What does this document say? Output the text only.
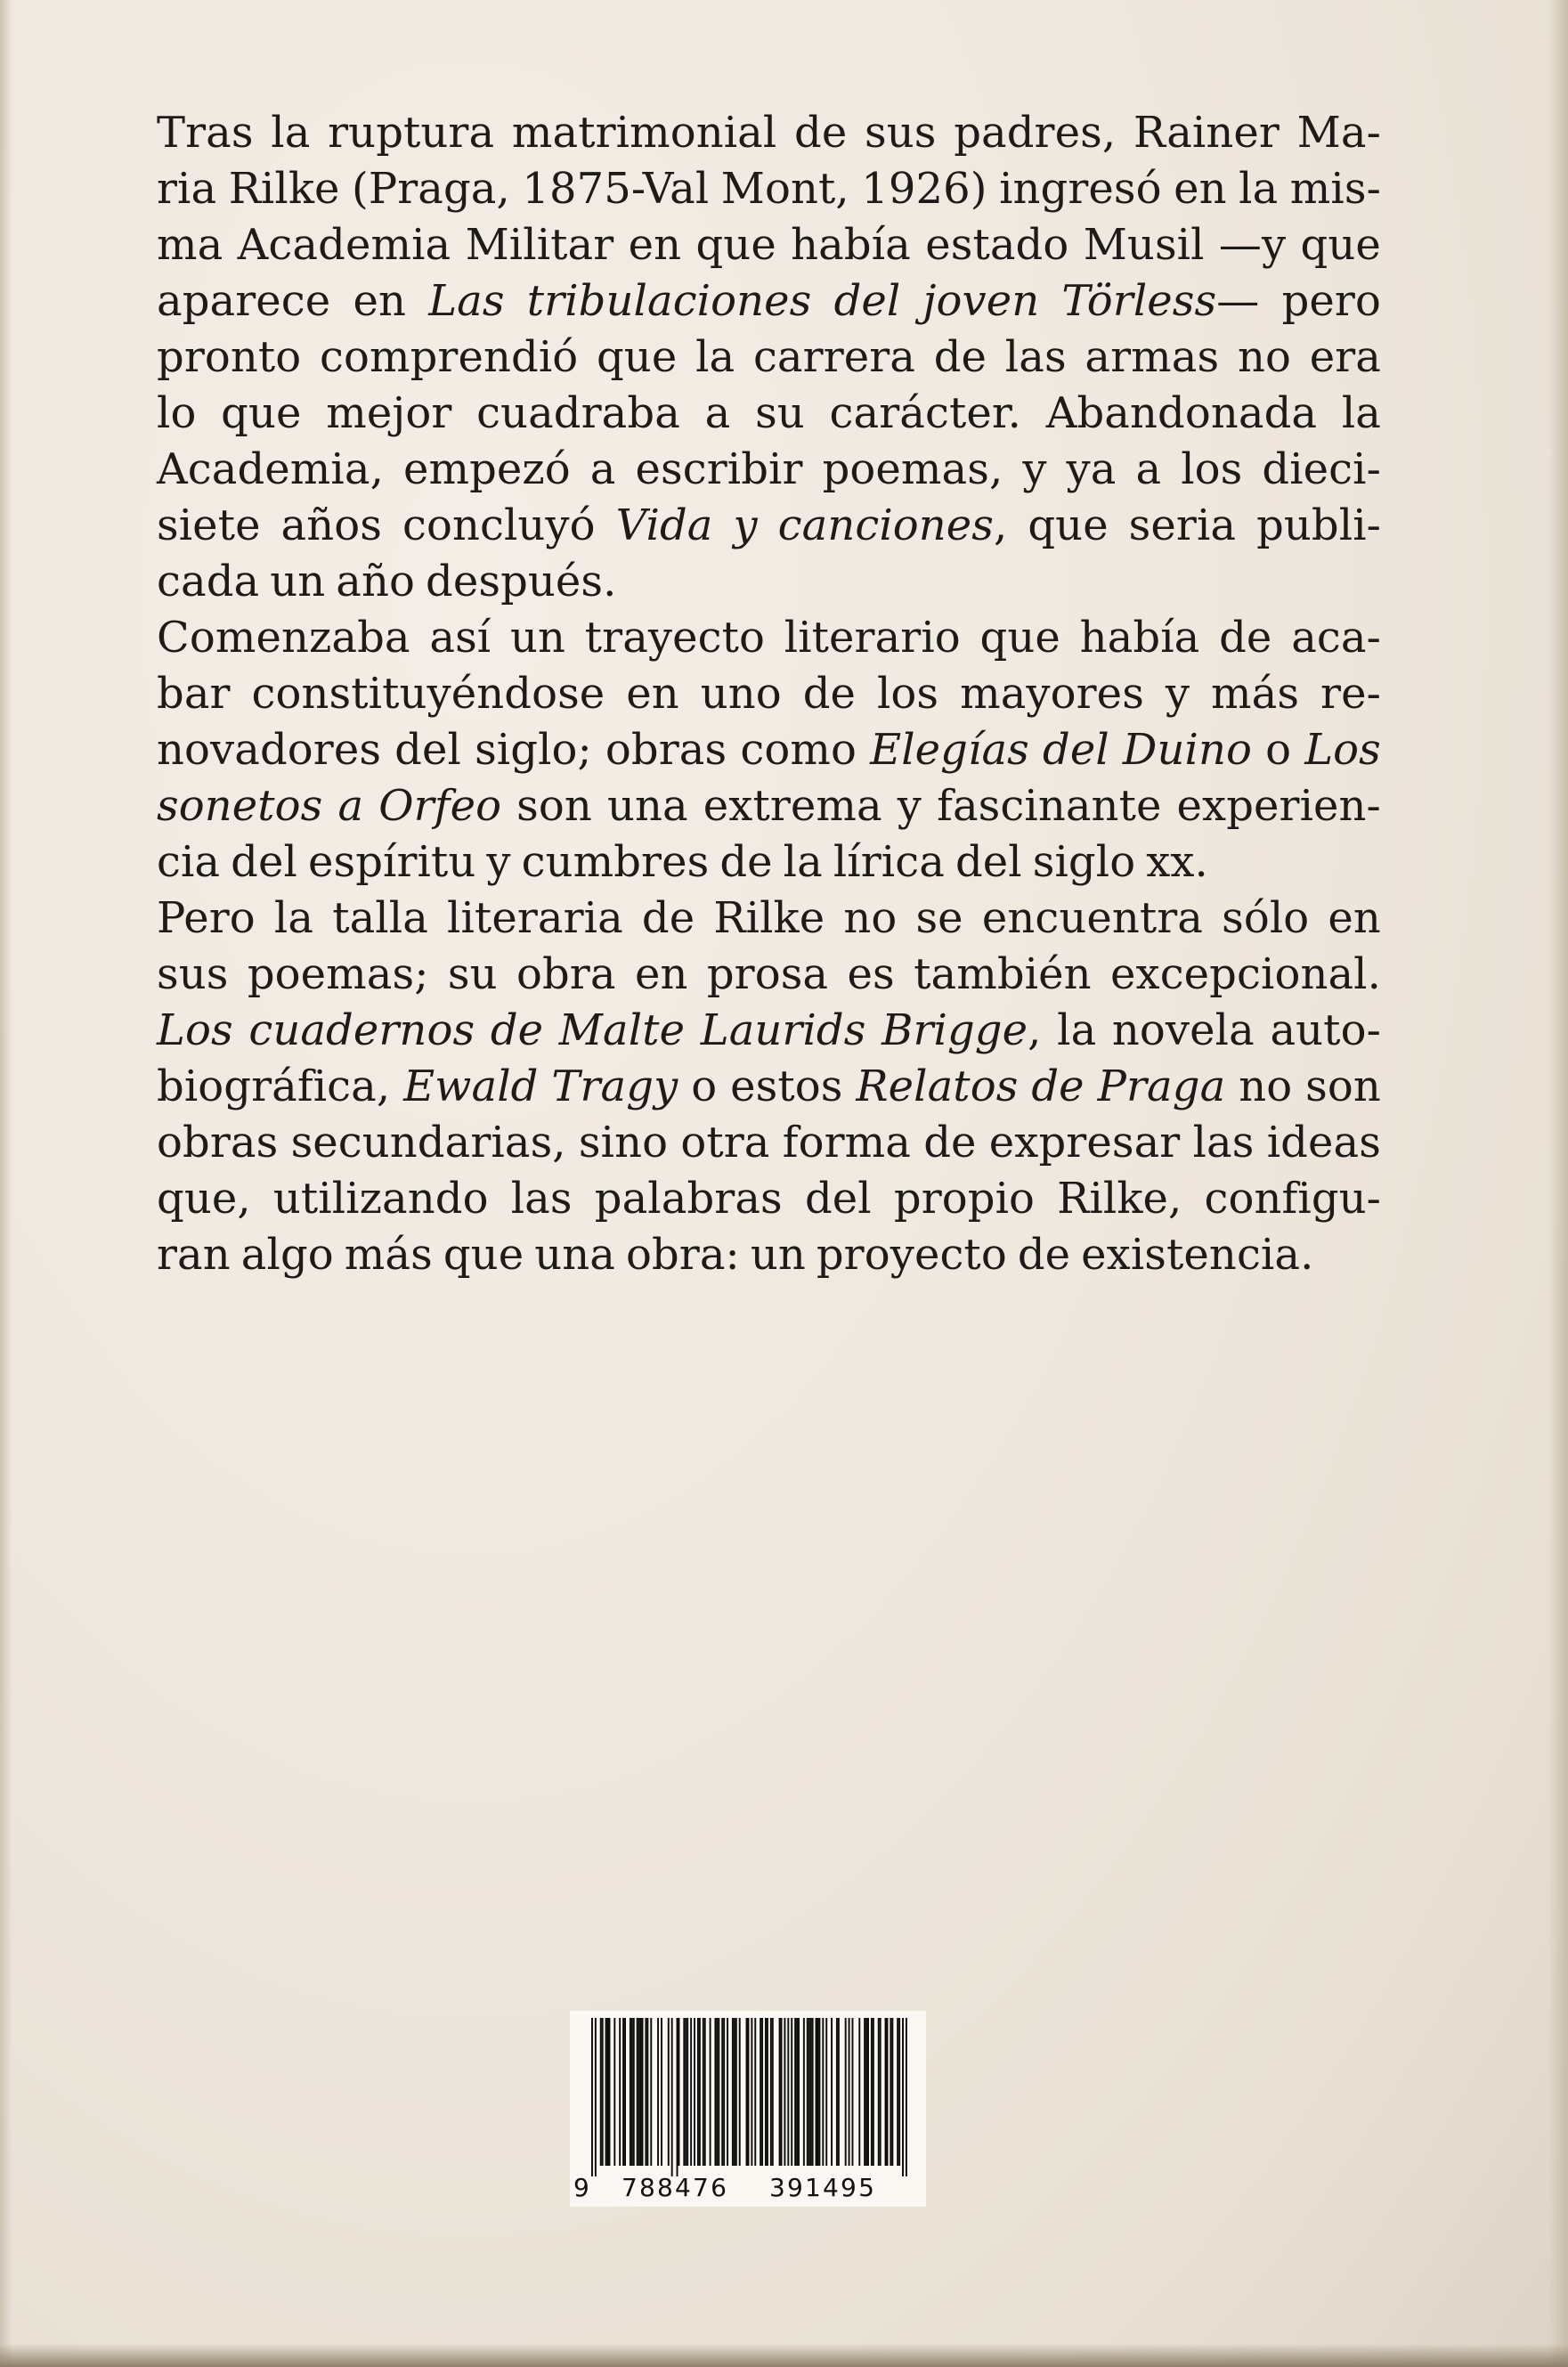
Tras la ruptura matrimonial de sus padres, Rainer Ma-
ria Rilke (Praga, 1875-Val Mont, 1926) ingresó en la mis-
ma Academia Militar en que había estado Musil —y que
aparece en Las tribulaciones del joven Törless— pero
pronto comprendió que la carrera de las armas no era
lo que mejor cuadraba a su carácter. Abandonada la
Academia, empezó a escribir poemas, y ya a los dieci-
siete años concluyó Vida y canciones, que seria publi-
cada un año después.
Comenzaba así un trayecto literario que había de aca-
bar constituyéndose en uno de los mayores y más re-
novadores del siglo; obras como Elegías del Duino o Los
sonetos a Orfeo son una extrema y fascinante experien-
cia del espíritu y cumbres de la lírica del siglo xx.
Pero la talla literaria de Rilke no se encuentra sólo en
sus poemas; su obra en prosa es también excepcional.
Los cuadernos de Malte Laurids Brigge, la novela auto-
biográfica, Ewald Tragy o estos Relatos de Praga no son
obras secundarias, sino otra forma de expresar las ideas
que, utilizando las palabras del propio Rilke, configu-
ran algo más que una obra: un proyecto de existencia.
9 788476 391495
